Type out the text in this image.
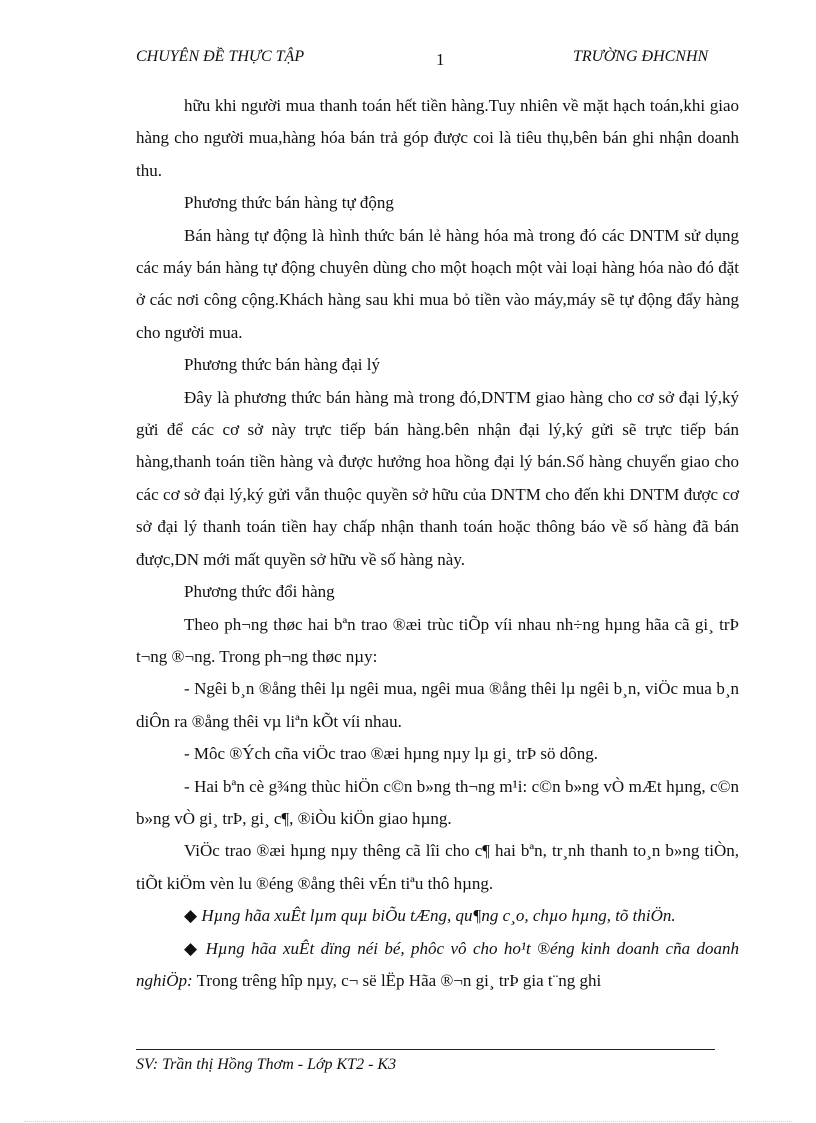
CHUYÊN ĐỀ THỰC TẬP	1	TRƯỜNG ĐHCNHN

hữu khi người mua thanh toán hết tiền hàng.Tuy nhiên về mặt hạch toán,khi giao hàng cho người mua,hàng hóa bán trả góp được coi là tiêu thụ,bên bán ghi nhận doanh thu.

Phương thức bán hàng tự động

Bán hàng tự động là hình thức bán lẻ hàng hóa mà trong đó các DNTM sử dụng các máy bán hàng tự động chuyên dùng cho một hoạch một vài loại hàng hóa nào đó đặt ở các nơi công cộng.Khách hàng sau khi mua bỏ tiền vào máy,máy sẽ tự động đẩy hàng cho người mua.

Phương thức bán hàng đại lý

Đây là phương thức bán hàng mà trong đó,DNTM giao hàng cho cơ sở đại lý,ký gửi để các cơ sở này trực tiếp bán hàng.bên nhận đại lý,ký gửi sẽ trực tiếp bán hàng,thanh toán tiền hàng và được hưởng hoa hồng đại lý bán.Số hàng chuyển giao cho các cơ sở đại lý,ký gửi vẫn thuộc quyền sở hữu của DNTM cho đến khi DNTM được cơ sở đại lý thanh toán tiền hay chấp nhận thanh toán hoặc thông báo về số hàng đã bán được,DN mới mất quyền sở hữu về số hàng này.

Phương thức đổi hàng

Theo ph¬ng thøc hai bªn trao ®æi trùc tiÕp víi nhau nh÷ng hµng hãa cã gi¸ trÞ t¬ng ®¬ng. Trong ph¬ng thøc nµy:

- Ngêi b¸n ®ång thêi lµ ngêi mua, ngêi mua ®ång thêi lµ ngêi b¸n, viÖc mua b¸n diÔn ra ®ång thêi vµ liªn kÕt víi nhau.

- Môc ®Ých cña viÖc trao ®æi hµng nµy lµ gi¸ trÞ sö dông.

- Hai bªn cè g¾ng thùc hiÖn c©n b»ng th¬ng m¹i: c©n b»ng vÒ mÆt hµng, c©n b»ng vÒ gi¸ trÞ, gi¸ c¶, ®iÒu kiÖn giao hµng.

ViÖc trao ®æi hµng nµy thêng cã lîi cho c¶ hai bªn, tr¸nh thanh to¸n b»ng tiÒn, tiÕt kiÖm vèn lu ®éng ®ång thêi vÉn tiªu thô hµng.

◆ Hµng hãa xuÊt lµm quµ biÕu tÆng, qu¶ng c¸o, chµo hµng, tõ thiÖn.

◆ Hµng hãa xuÊt dïng néi bé, phôc vô cho ho¹t ®éng kinh doanh cña doanh nghiÖp: Trong trêng hîp nµy, c¬ së lËp Hãa ®¬n gi¸ trÞ gia t¨ng ghi

SV: Trần thị Hồng Thơm - Lớp KT2 - K3
